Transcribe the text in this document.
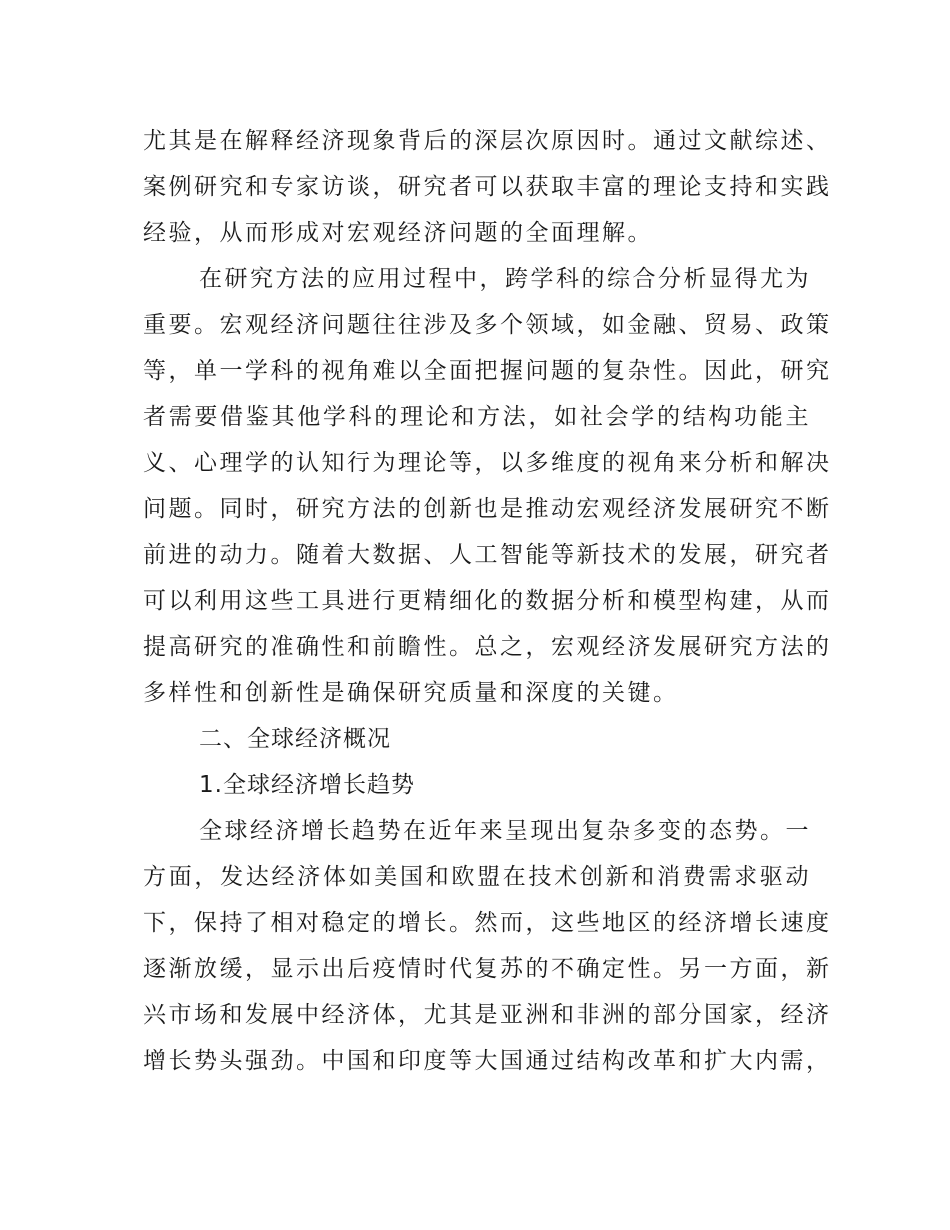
尤其是在解释经济现象背后的深层次原因时。通过文献综述、
案例研究和专家访谈，研究者可以获取丰富的理论支持和实践
经验，从而形成对宏观经济问题的全面理解。
在研究方法的应用过程中，跨学科的综合分析显得尤为
重要。宏观经济问题往往涉及多个领域，如金融、贸易、政策
等，单一学科的视角难以全面把握问题的复杂性。因此，研究
者需要借鉴其他学科的理论和方法，如社会学的结构功能主
义、心理学的认知行为理论等，以多维度的视角来分析和解决
问题。同时，研究方法的创新也是推动宏观经济发展研究不断
前进的动力。随着大数据、人工智能等新技术的发展，研究者
可以利用这些工具进行更精细化的数据分析和模型构建，从而
提高研究的准确性和前瞻性。总之，宏观经济发展研究方法的
多样性和创新性是确保研究质量和深度的关键。
二、全球经济概况
1.全球经济增长趋势
全球经济增长趋势在近年来呈现出复杂多变的态势。一
方面，发达经济体如美国和欧盟在技术创新和消费需求驱动
下，保持了相对稳定的增长。然而，这些地区的经济增长速度
逐渐放缓，显示出后疫情时代复苏的不确定性。另一方面，新
兴市场和发展中经济体，尤其是亚洲和非洲的部分国家，经济
增长势头强劲。中国和印度等大国通过结构改革和扩大内需，
